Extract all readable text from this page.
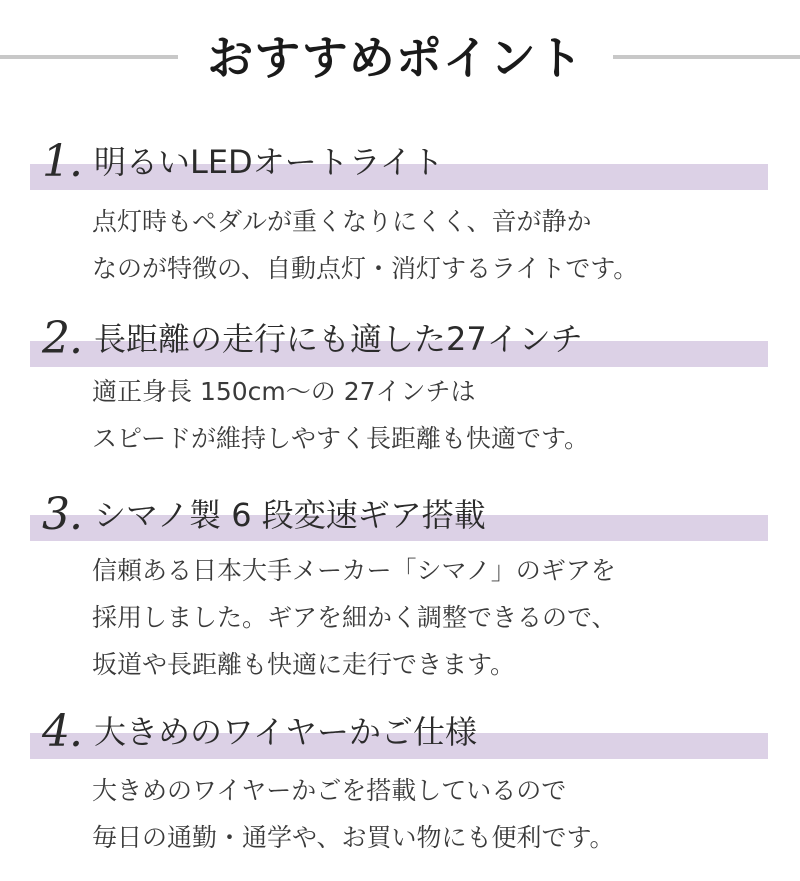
おすすめポイント
1. 明るいLEDオートライト
点灯時もペダルが重くなりにくく、音が静か
なのが特徴の、自動点灯・消灯するライトです。
2. 長距離の走行にも適した27インチ
適正身長 150cm〜の 27インチは
スピードが維持しやすく長距離も快適です。
3. シマノ製 6 段変速ギア搭載
信頼ある日本大手メーカー「シマノ」のギアを
採用しました。ギアを細かく調整できるので、
坂道や長距離も快適に走行できます。
4. 大きめのワイヤーかご仕様
大きめのワイヤーかごを搭載しているので
毎日の通勤・通学や、お買い物にも便利です。
